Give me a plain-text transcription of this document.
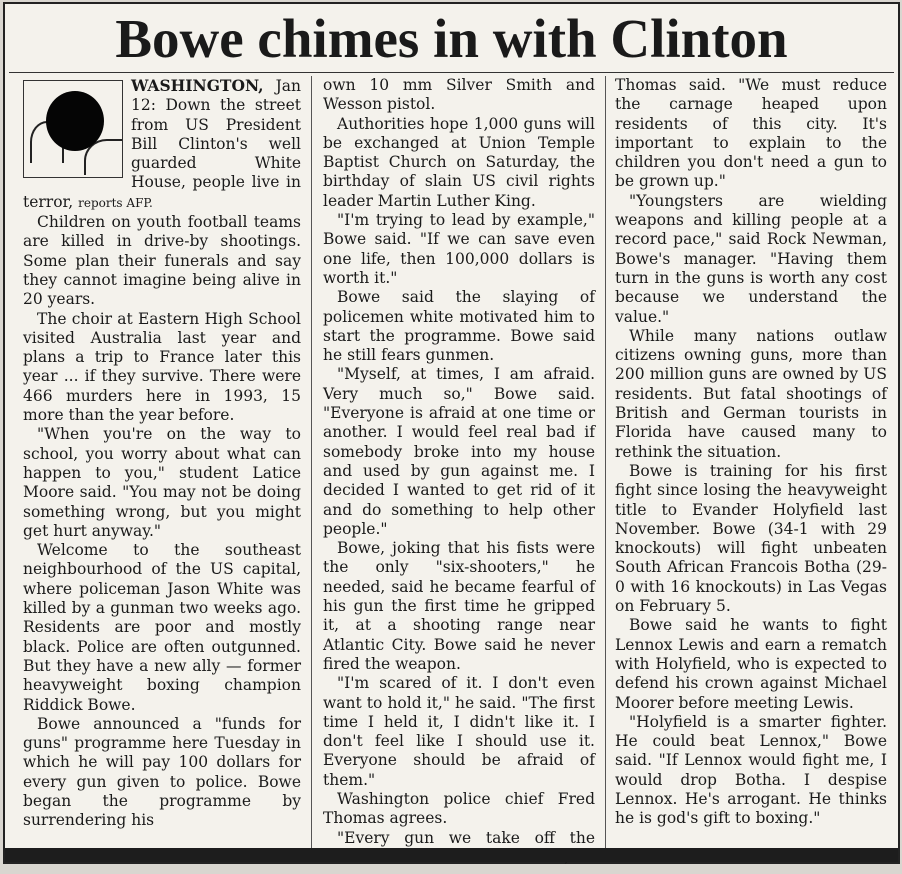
Bowe chimes in with Clinton

WASHINGTON, Jan 12: Down the street from US President Bill Clinton's well guarded White House, people live in terror, reports AFP.

Children on youth football teams are killed in drive-by shootings. Some plan their funerals and say they cannot imagine being alive in 20 years.

The choir at Eastern High School visited Australia last year and plans a trip to France later this year ... if they survive. There were 466 murders here in 1993, 15 more than the year before.

"When you're on the way to school, you worry about what can happen to you," student Latice Moore said. "You may not be doing something wrong, but you might get hurt anyway."

Welcome to the southeast neighbourhood of the US capital, where policeman Jason White was killed by a gunman two weeks ago. Residents are poor and mostly black. Police are often outgunned. But they have a new ally — former heavyweight boxing champion Riddick Bowe.

Bowe announced a "funds for guns" programme here Tuesday in which he will pay 100 dollars for every gun given to police. Bowe began the programme by surrendering his

own 10 mm Silver Smith and Wesson pistol.

Authorities hope 1,000 guns will be exchanged at Union Temple Baptist Church on Saturday, the birthday of slain US civil rights leader Martin Luther King.

"I'm trying to lead by example," Bowe said. "If we can save even one life, then 100,000 dollars is worth it."

Bowe said the slaying of policemen white motivated him to start the programme. Bowe said he still fears gunmen.

"Myself, at times, I am afraid. Very much so," Bowe said. "Everyone is afraid at one time or another. I would feel real bad if somebody broke into my house and used by gun against me. I decided I wanted to get rid of it and do something to help other people."

Bowe, joking that his fists were the only "six-shooters," he needed, said he became fearful of his gun the first time he gripped it, at a shooting range near Atlantic City. Bowe said he never fired the weapon.

"I'm scared of it. I don't even want to hold it," he said. "The first time I held it, I didn't like it. I don't feel like I should use it. Everyone should be afraid of them."

Washington police chief Fred Thomas agrees.

"Every gun we take off the

Thomas said. "We must reduce the carnage heaped upon residents of this city. It's important to explain to the children you don't need a gun to be grown up."

"Youngsters are wielding weapons and killing people at a record pace," said Rock Newman, Bowe's manager. "Having them turn in the guns is worth any cost because we understand the value."

While many nations outlaw citizens owning guns, more than 200 million guns are owned by US residents. But fatal shootings of British and German tourists in Florida have caused many to rethink the situation.

Bowe is training for his first fight since losing the heavyweight title to Evander Holyfield last November. Bowe (34-1 with 29 knockouts) will fight unbeaten South African Francois Botha (29-0 with 16 knockouts) in Las Vegas on February 5.

Bowe said he wants to fight Lennox Lewis and earn a rematch with Holyfield, who is expected to defend his crown against Michael Moorer before meeting Lewis.

"Holyfield is a smarter fighter. He could beat Lennox," Bowe said. "If Lennox would fight me, I would drop Botha. I despise Lennox. He's arrogant. He thinks he is god's gift to boxing."
